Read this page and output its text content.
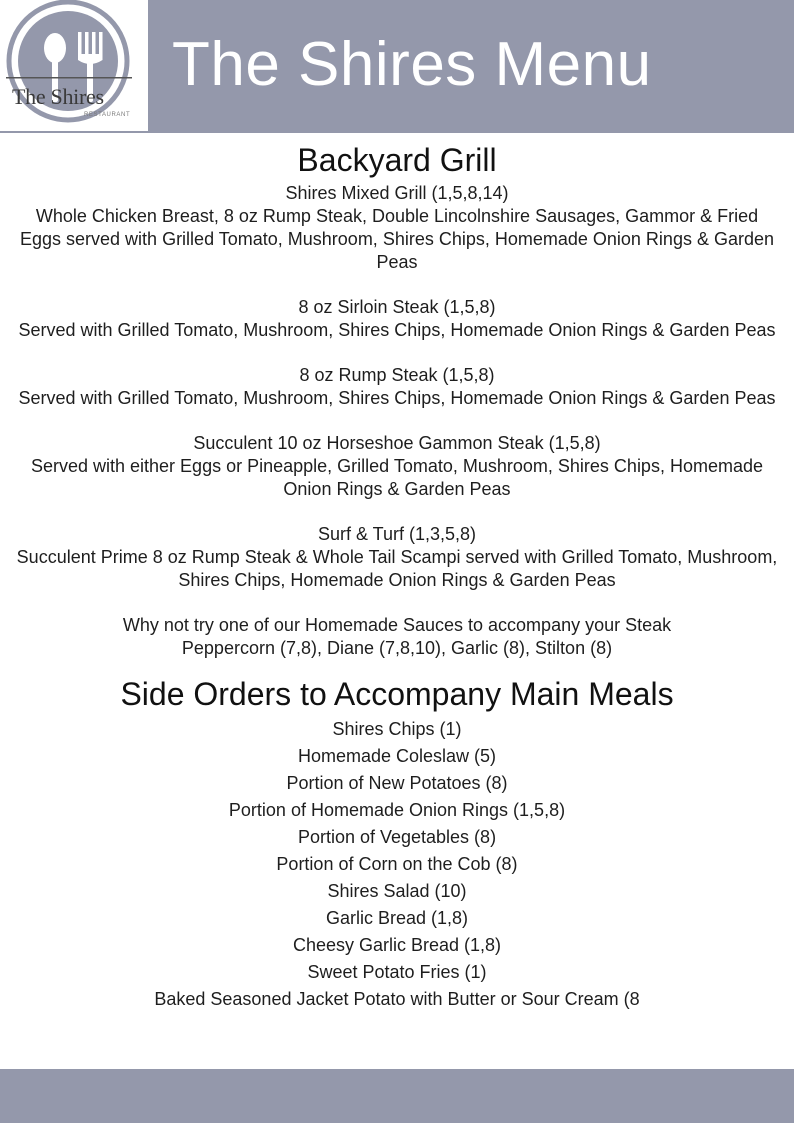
The Shires
RESTAURANT
The Shires Menu
Backyard Grill
Shires Mixed Grill (1,5,8,14)
Whole Chicken Breast, 8 oz Rump Steak, Double Lincolnshire Sausages, Gammor & Fried Eggs served with Grilled Tomato, Mushroom, Shires Chips, Homemade Onion Rings & Garden Peas
8 oz Sirloin Steak (1,5,8)
Served with Grilled Tomato, Mushroom, Shires Chips, Homemade Onion Rings & Garden Peas
8 oz Rump Steak (1,5,8)
Served with Grilled Tomato, Mushroom, Shires Chips, Homemade Onion Rings & Garden Peas
Succulent 10 oz Horseshoe Gammon Steak (1,5,8)
Served with either Eggs or Pineapple, Grilled Tomato, Mushroom, Shires Chips, Homemade Onion Rings & Garden Peas
Surf & Turf (1,3,5,8)
Succulent Prime 8 oz Rump Steak & Whole Tail Scampi served with Grilled Tomato, Mushroom, Shires Chips, Homemade Onion Rings & Garden Peas
Why not try one of our Homemade Sauces to accompany your Steak
Peppercorn (7,8), Diane (7,8,10), Garlic (8), Stilton (8)
Side Orders to Accompany Main Meals
Shires Chips (1)
Homemade Coleslaw (5)
Portion of New Potatoes (8)
Portion of Homemade Onion Rings (1,5,8)
Portion of Vegetables (8)
Portion of Corn on the Cob (8)
Shires Salad (10)
Garlic Bread (1,8)
Cheesy Garlic Bread (1,8)
Sweet Potato Fries (1)
Baked Seasoned Jacket Potato with Butter or Sour Cream (8
